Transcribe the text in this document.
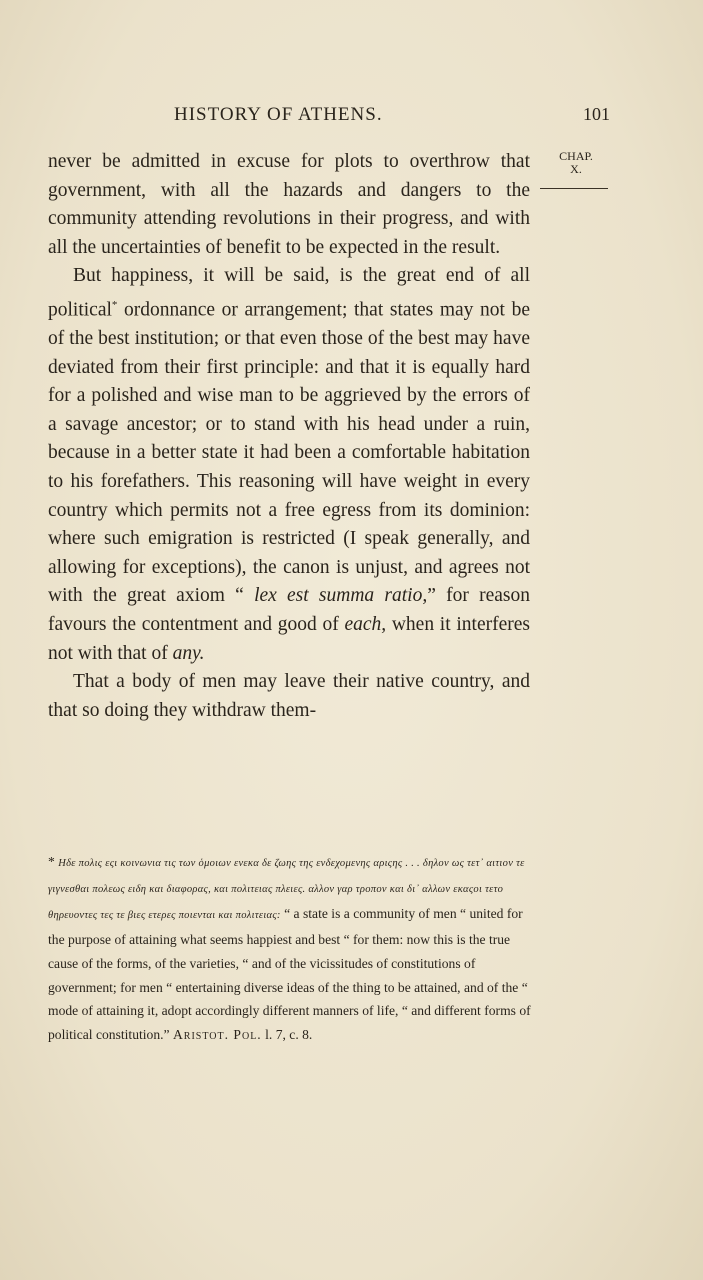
HISTORY OF ATHENS.	101
CHAP.
X.

never be admitted in excuse for plots to overthrow that government, with all the hazards and dangers to the community attending revolutions in their progress, and with all the uncertainties of benefit to be expected in the result.

But happiness, it will be said, is the great end of all political* ordonnance or arrangement; that states may not be of the best institution; or that even those of the best may have deviated from their first principle: and that it is equally hard for a polished and wise man to be aggrieved by the errors of a savage ancestor; or to stand with his head under a ruin, because in a better state it had been a comfortable habitation to his forefathers. This reasoning will have weight in every country which permits not a free egress from its dominion: where such emigration is restricted (I speak generally, and allowing for exceptions), the canon is unjust, and agrees not with the great axiom “ lex est summa ratio,” for reason favours the contentment and good of each, when it interferes not with that of any.

That a body of men may leave their native country, and that so doing they withdraw them-

* Ηδε πολις εςι κοινωνια τις των ὁμοιων ενεκα δε ζωης της ενδεχομενης αριςης . . . δηλον ως τετ᾽ αιτιον τε γιγνεσθαι πολεως ειδη και διαφορας, και πολιτειας πλειες. αλλον γαρ τροπον και δι᾽ αλλων εκαςοι τετο θηρευοντες τες τε βιες ετερες ποιενται και πολιτειας: “ a state is a community of men “ united for the purpose of attaining what seems happiest and best “ for them: now this is the true cause of the forms, of the varieties, “ and of the vicissitudes of constitutions of government; for men “ entertaining diverse ideas of the thing to be attained, and of the “ mode of attaining it, adopt accordingly different manners of life, “ and different forms of political constitution.” Aristot. Pol. l. 7, c. 8.
